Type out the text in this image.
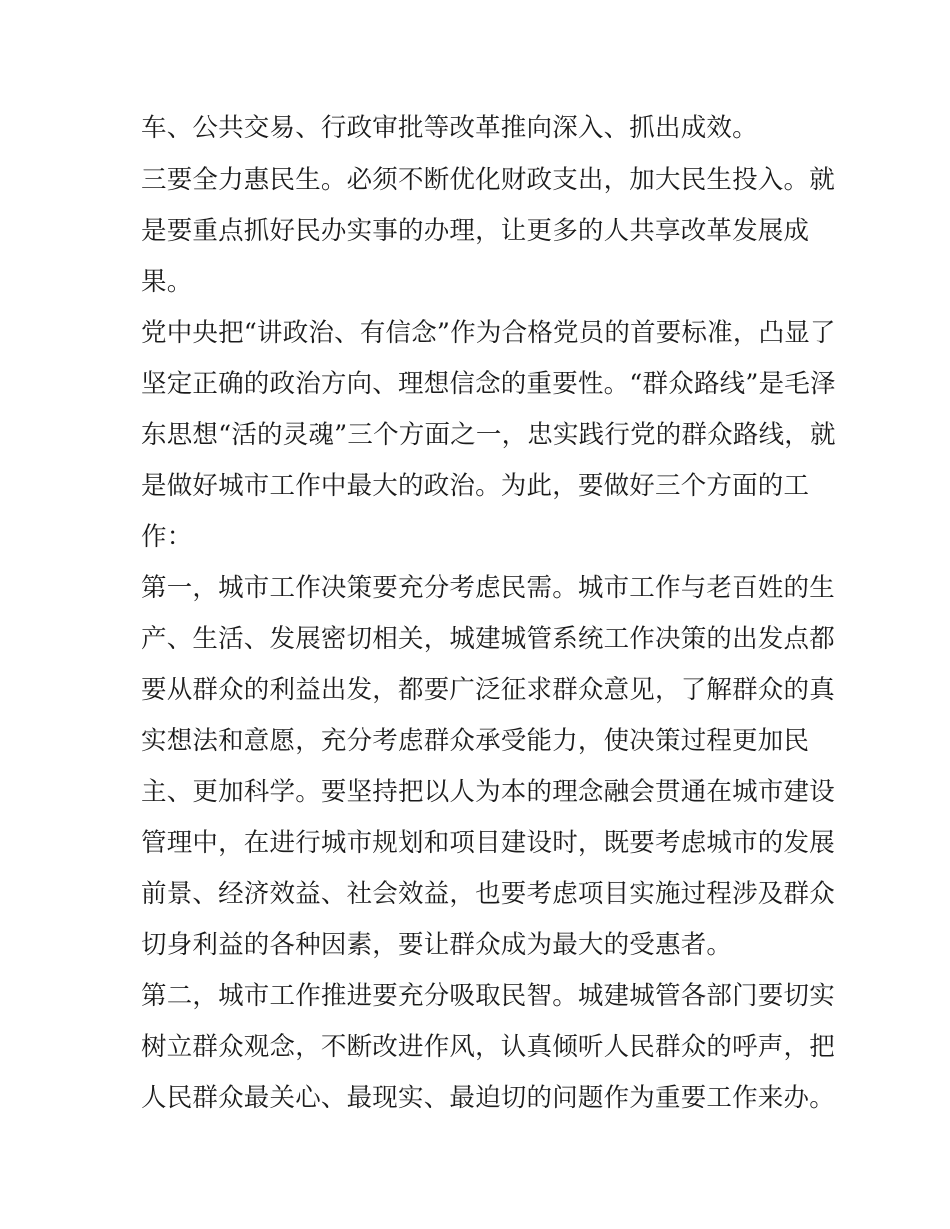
车、公共交易、行政审批等改革推向深入、抓出成效。
三要全力惠民生。必须不断优化财政支出，加大民生投入。就
是要重点抓好民办实事的办理，让更多的人共享改革发展成
果。
党中央把“讲政治、有信念”作为合格党员的首要标准，凸显了
坚定正确的政治方向、理想信念的重要性。“群众路线”是毛泽
东思想“活的灵魂”三个方面之一，忠实践行党的群众路线，就
是做好城市工作中最大的政治。为此，要做好三个方面的工
作：
第一，城市工作决策要充分考虑民需。城市工作与老百姓的生
产、生活、发展密切相关，城建城管系统工作决策的出发点都
要从群众的利益出发，都要广泛征求群众意见，了解群众的真
实想法和意愿，充分考虑群众承受能力，使决策过程更加民
主、更加科学。要坚持把以人为本的理念融会贯通在城市建设
管理中，在进行城市规划和项目建设时，既要考虑城市的发展
前景、经济效益、社会效益，也要考虑项目实施过程涉及群众
切身利益的各种因素，要让群众成为最大的受惠者。
第二，城市工作推进要充分吸取民智。城建城管各部门要切实
树立群众观念，不断改进作风，认真倾听人民群众的呼声，把
人民群众最关心、最现实、最迫切的问题作为重要工作来办。
